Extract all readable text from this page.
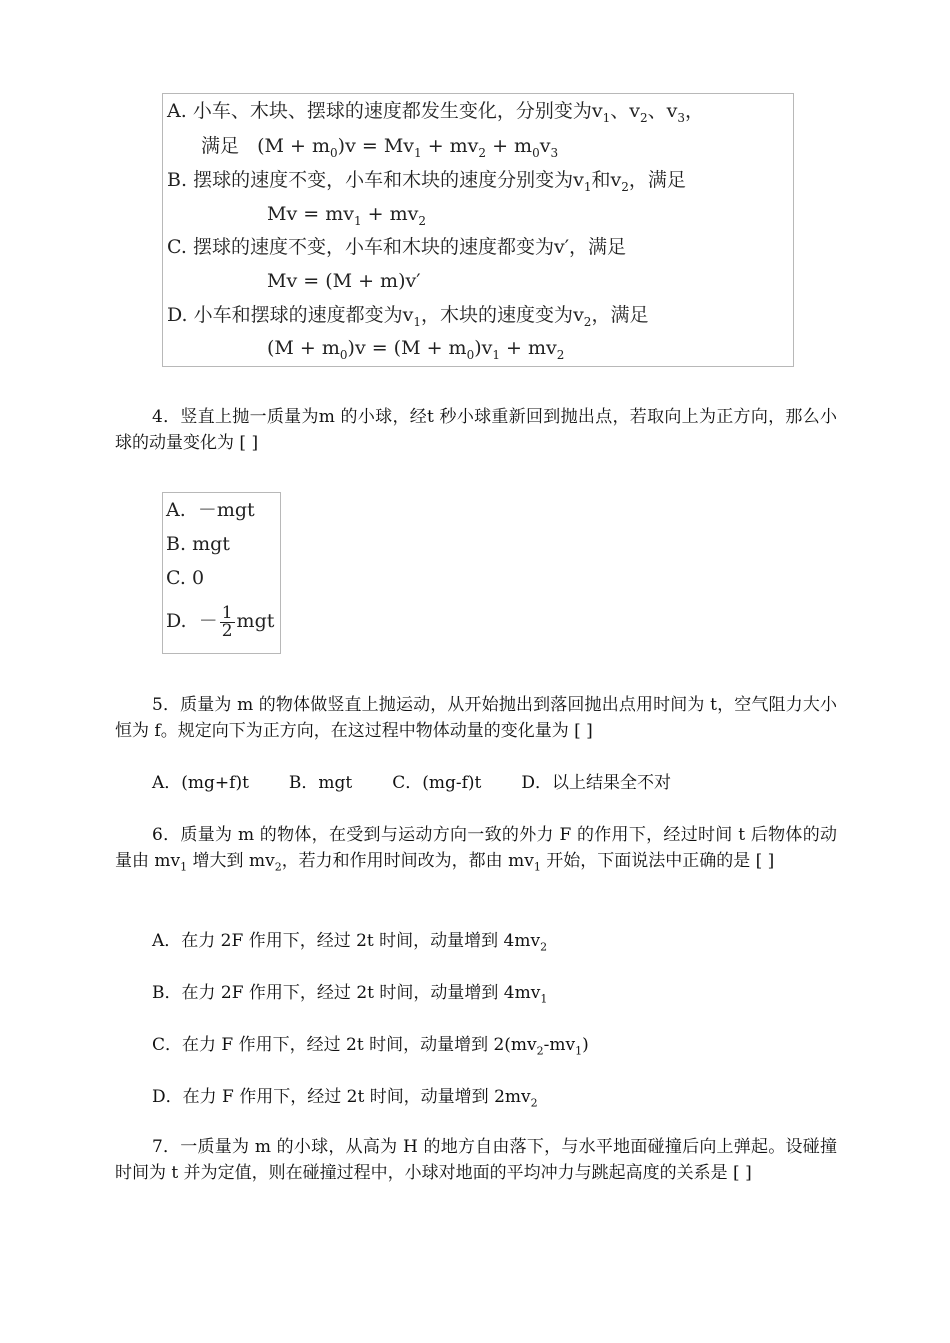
A. 小车、木块、摆球的速度都发生变化，分别变为$v_1$、$v_2$、$v_3$，
满足 $(M + m_0)v = Mv_1 + mv_2 + m_0v_3$
B. 摆球的速度不变，小车和木块的速度分别变为$v_1$和$v_2$，满足
$Mv = mv_1 + mv_2$
C. 摆球的速度不变，小车和木块的速度都变为v′，满足
Mv = (M + m)v′
D. 小车和摆球的速度都变为$v_1$，木块的速度变为$v_2$，满足
$(M + m_0)v = (M + m_0)v_1 + mv_2$
4．竖直上抛一质量为m 的小球，经t 秒小球重新回到抛出点，若取向上为正方向，那么小球的动量变化为 [ ]
A. －mgt
B. mgt
C. 0
D. － $\frac{1}{2}$ mgt
5．质量为 m 的物体做竖直上抛运动，从开始抛出到落回抛出点用时间为 t，空气阻力大小恒为 f。规定向下为正方向，在这过程中物体动量的变化量为 [ ]
A．(mg+f)t B．mgt C．(mg-f)t D．以上结果全不对
6．质量为 m 的物体，在受到与运动方向一致的外力 F 的作用下，经过时间 t 后物体的动量由 $mv_1$ 增大到 $mv_2$，若力和作用时间改为，都由 $mv_1$ 开始，下面说法中正确的是 [ ]
A．在力 2F 作用下，经过 2t 时间，动量增到 $4mv_2$
B．在力 2F 作用下，经过 2t 时间，动量增到 $4mv_1$
C．在力 F 作用下，经过 2t 时间，动量增到 $2(mv_2-mv_1)$
D．在力 F 作用下，经过 2t 时间，动量增到 $2mv_2$
7．一质量为 m 的小球，从高为 H 的地方自由落下，与水平地面碰撞后向上弹起。设碰撞时间为 t 并为定值，则在碰撞过程中，小球对地面的平均冲力与跳起高度的关系是 [ ]
